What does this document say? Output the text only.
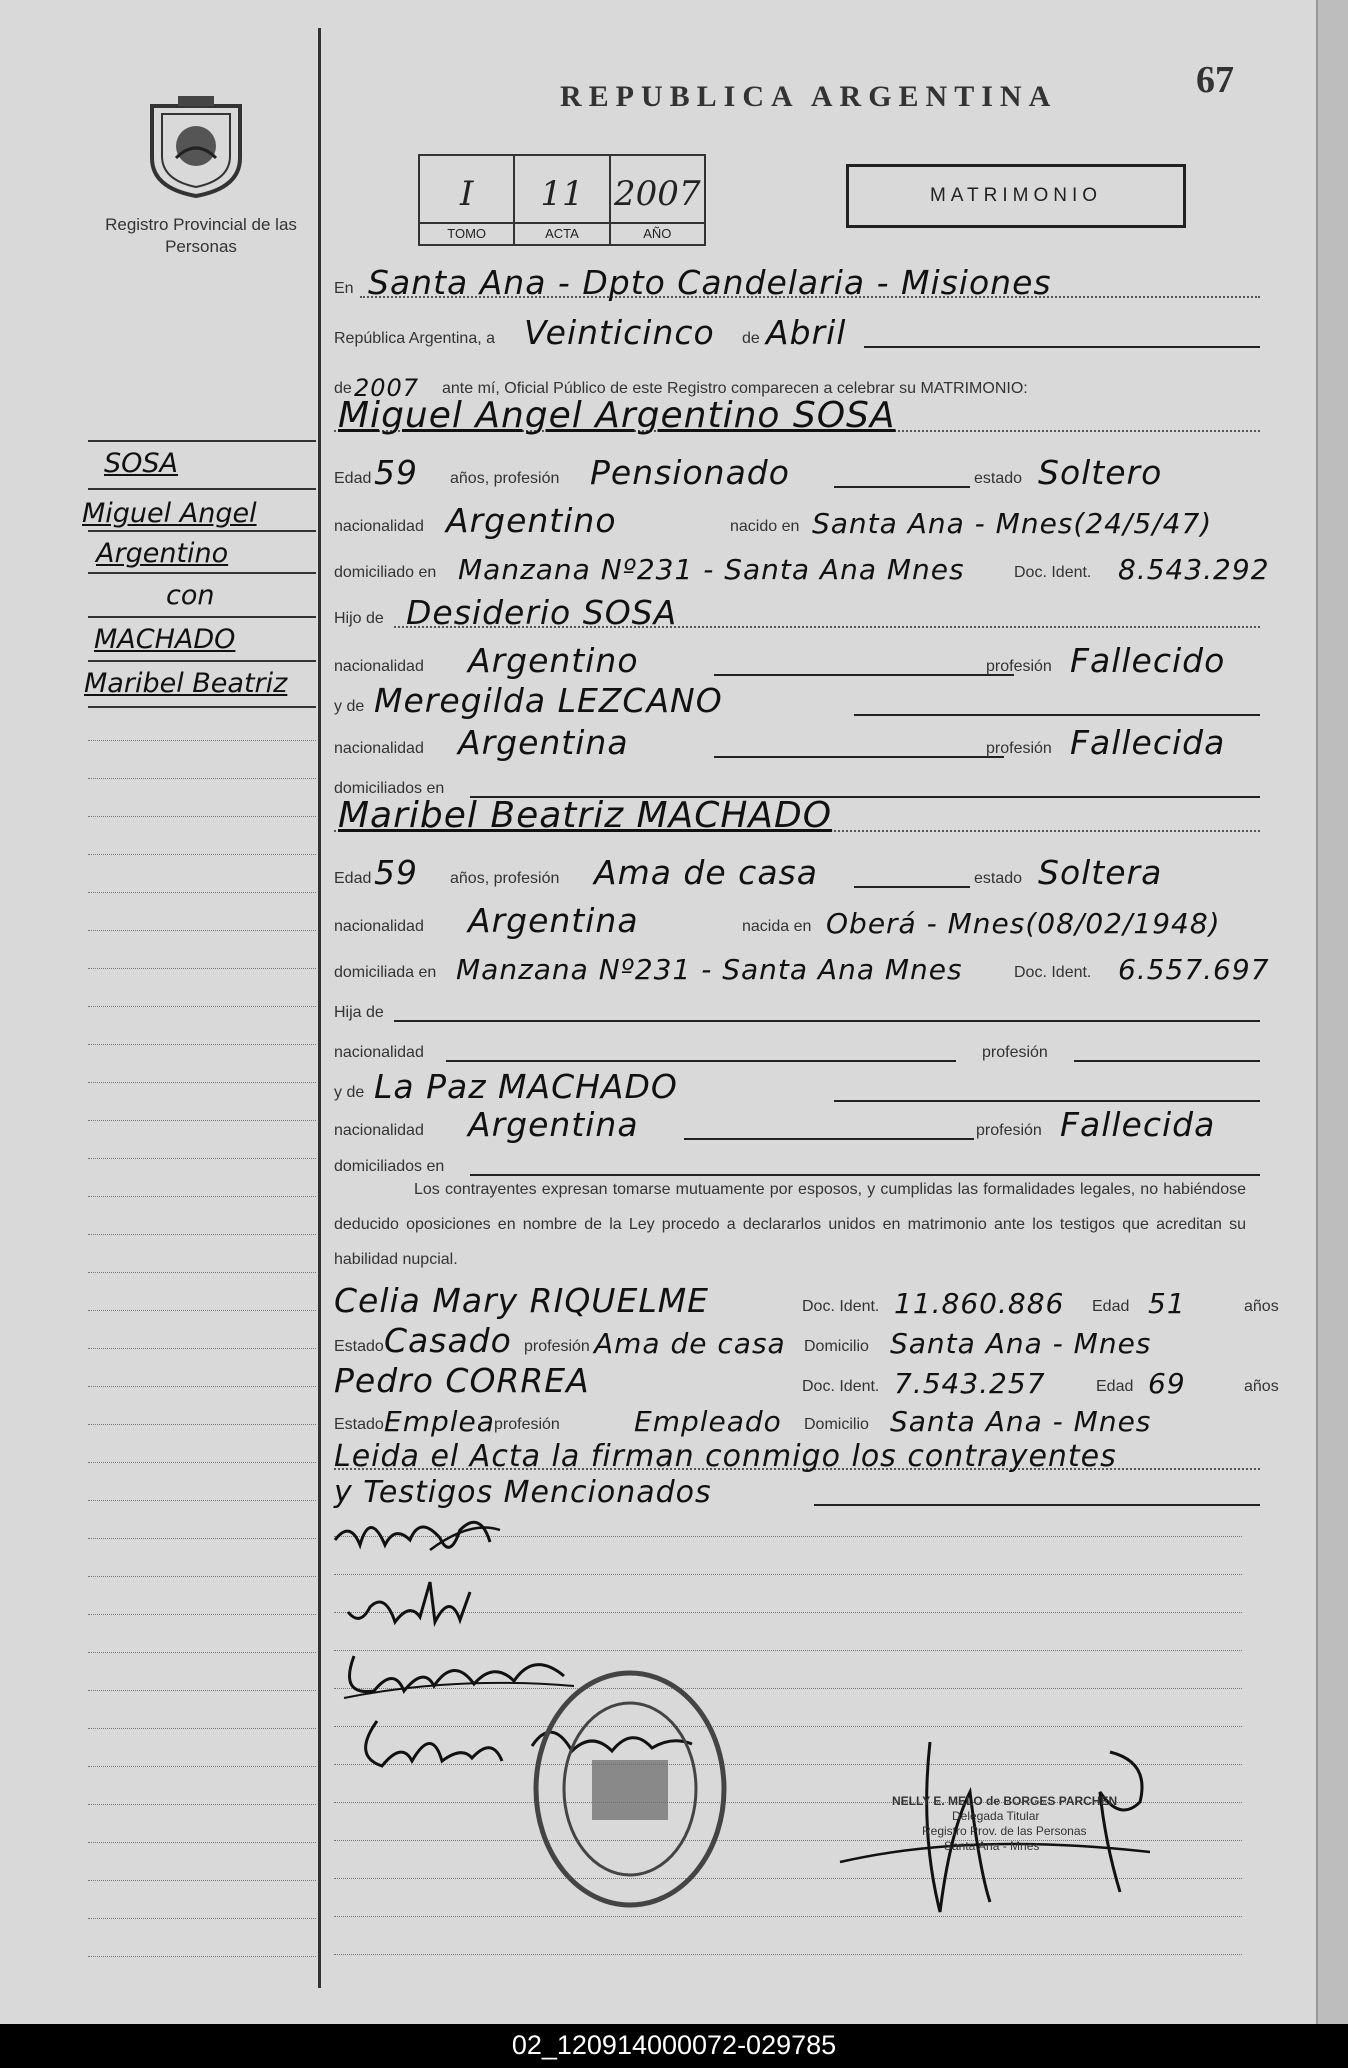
Registro Provincial de las Personas
REPUBLICA ARGENTINA	67
I
TOMO
11
ACTA
2007
AÑO
MATRIMONIO
SOSA
Miguel Angel
Argentino
con
MACHADO
Maribel Beatriz
En Santa Ana - Dpto Candelaria - Misiones
República Argentina, a Veinticinco de Abril
de 2007 ante mí, Oficial Público de este Registro comparecen a celebrar su MATRIMONIO:
Miguel Angel Argentino SOSA
Edad 59 años, profesión Pensionado	estado Soltero
nacionalidad Argentino	nacido en Santa Ana - Mnes(24/5/47)
domiciliado en Manzana Nº231 - Santa Ana Mnes	Doc. Ident. 8.543.292
Hijo de Desiderio SOSA
nacionalidad Argentino	profesión Fallecido
y de Meregilda LEZCANO
nacionalidad Argentina	profesión Fallecida
domiciliados en
Maribel Beatriz MACHADO
Edad 59 años, profesión Ama de casa	estado Soltera
nacionalidad Argentina	nacida en Oberá - Mnes(08/02/1948)
domiciliada en Manzana Nº231 - Santa Ana Mnes	Doc. Ident. 6.557.697
Hija de
nacionalidad	profesión
y de La Paz MACHADO
nacionalidad Argentina	profesión Fallecida
domiciliados en
Los contrayentes expresan tomarse mutuamente por esposos, y cumplidas las formalidades legales, no habiéndose deducido oposiciones en nombre de la Ley procedo a declararlos unidos en matrimonio ante los testigos que acreditan su habilidad nupcial.
Celia Mary RIQUELME	Doc. Ident. 11.860.886 Edad 51	años
Estado Casado profesión Ama de casa Domicilio Santa Ana - Mnes
Pedro CORREA	Doc. Ident. 7.543.257	Edad 69	años
Estado Emplea profesión	Empleado Domicilio Santa Ana - Mnes
Leida el Acta la firman conmigo los contrayentes
y Testigos Mencionados
NELLY E. MELO de BORGES PARCHEN
Delegada Titular
Registro Prov. de las Personas
Santa Ana - Mnes
02_120914000072-029785
